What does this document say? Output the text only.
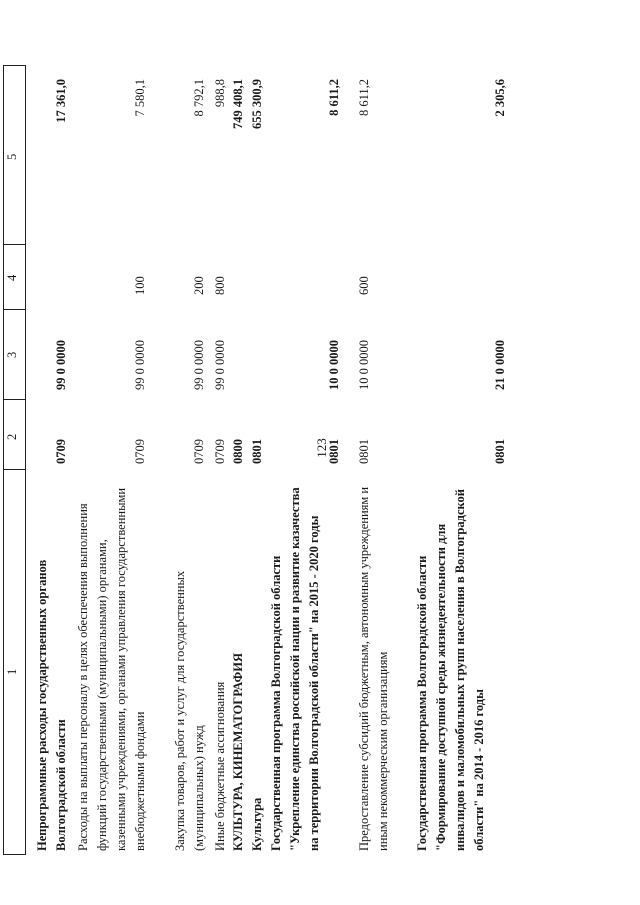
123
1
2
3
4
5
Непрограммные расходы государственных органов Волгоградской области
0709
99 0 0000
17 361,0
Расходы на выплаты персоналу в целях обеспечения выполнения функций государственными (муниципальными) органами, казенными учреждениями, органами управления государственными внебюджетными фондами
0709
99 0 0000
100
7 580,1
Закупка товаров, работ и услуг для государственных (муниципальных) нужд
0709
99 0 0000
200
8 792,1
Иные бюджетные ассигнования
0709
99 0 0000
800
988,8
КУЛЬТУРА, КИНЕМАТОГРАФИЯ
0800
749 408,1
Культура
0801
655 300,9
Государственная программа Волгоградской области "Укрепление единства российской нации и развитие казачества на территории Волгоградской области" на 2015 - 2020 годы
0801
10 0 0000
8 611,2
Предоставление субсидий бюджетным, автономным учреждениям и иным некоммерческим организациям
0801
10 0 0000
600
8 611,2
Государственная программа Волгоградской области "Формирование доступной среды жизнедеятельности для инвалидов и маломобильных групп населения в Волгоградской области" на 2014 - 2016 годы
0801
21 0 0000
2 305,6
